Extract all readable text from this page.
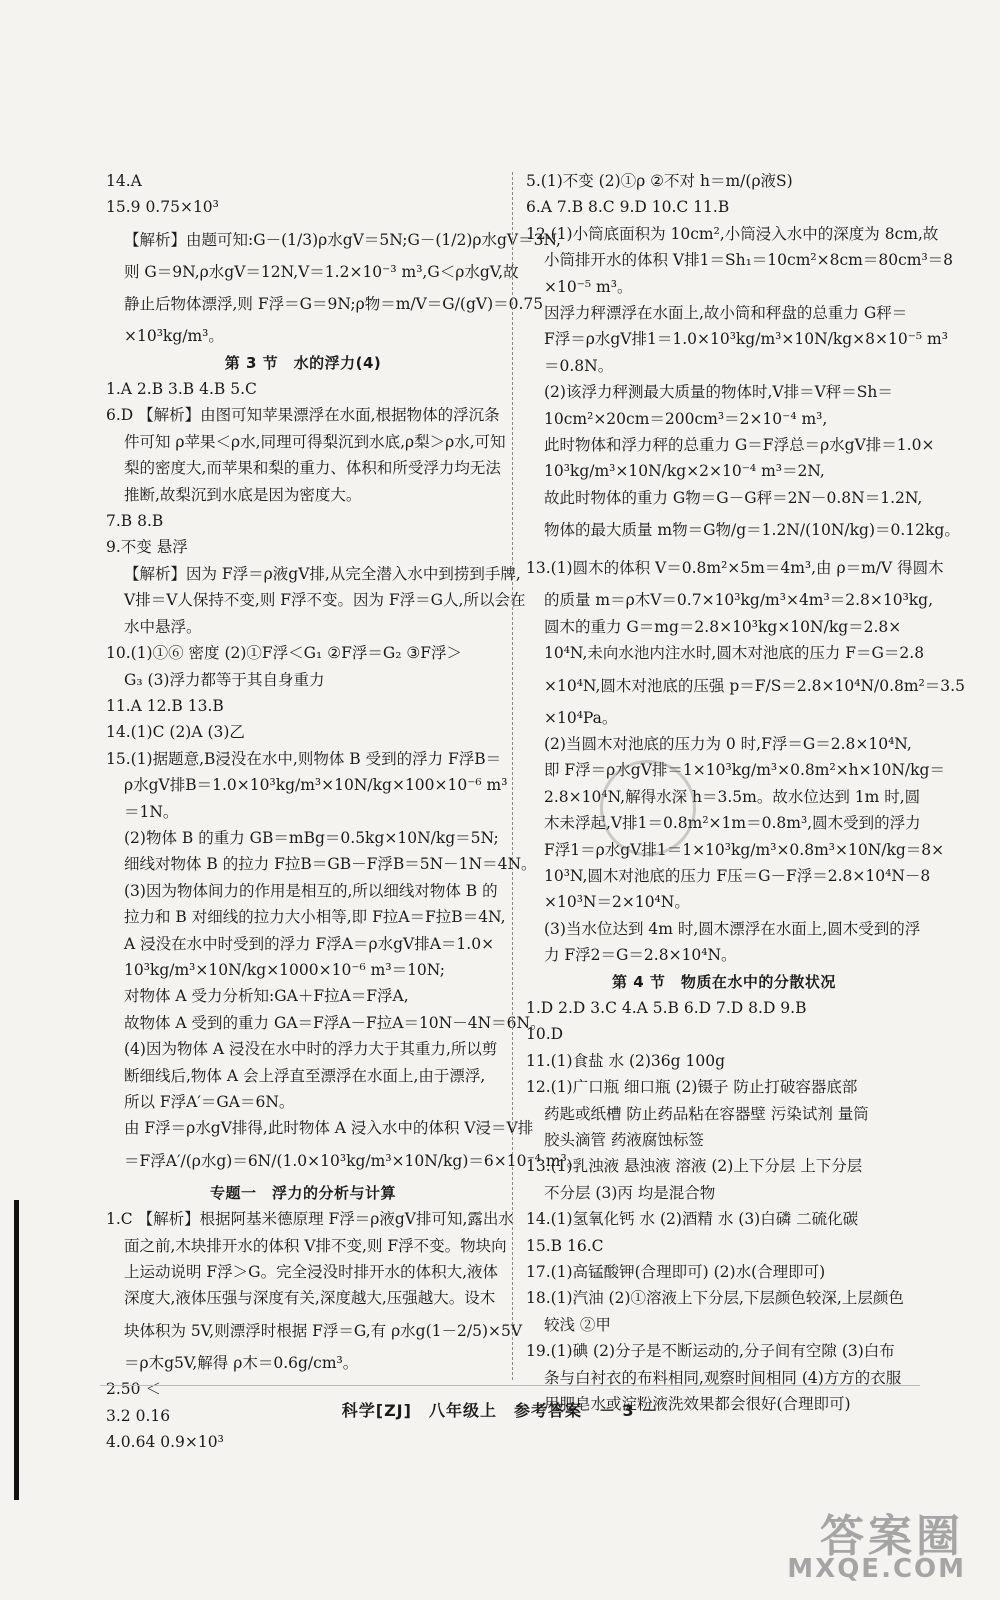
14.A
15.9 0.75×10³
【解析】由题可知:G－(1/3)ρ水gV＝5N;G－(1/2)ρ水gV＝3N,
则 G＝9N,ρ水gV＝12N,V＝1.2×10⁻³ m³,G＜ρ水gV,故
静止后物体漂浮,则 F浮＝G＝9N;ρ物＝m/V＝G/(gV)＝0.75
×10³kg/m³。
第 3 节　水的浮力(4)
1.A 2.B 3.B 4.B 5.C
6.D 【解析】由图可知苹果漂浮在水面,根据物体的浮沉条
件可知 ρ苹果＜ρ水,同理可得梨沉到水底,ρ梨＞ρ水,可知
梨的密度大,而苹果和梨的重力、体积和所受浮力均无法
推断,故梨沉到水底是因为密度大。
7.B 8.B
9.不变 悬浮
【解析】因为 F浮＝ρ液gV排,从完全潜入水中到捞到手牌,
V排＝V人保持不变,则 F浮不变。因为 F浮＝G人,所以会在
水中悬浮。
10.(1)①⑥ 密度 (2)①F浮＜G₁ ②F浮＝G₂ ③F浮＞
G₃ (3)浮力都等于其自身重力
11.A 12.B 13.B
14.(1)C (2)A (3)乙
15.(1)据题意,B浸没在水中,则物体 B 受到的浮力 F浮B＝
ρ水gV排B＝1.0×10³kg/m³×10N/kg×100×10⁻⁶ m³
＝1N。
(2)物体 B 的重力 GB＝mBg＝0.5kg×10N/kg＝5N;
细线对物体 B 的拉力 F拉B＝GB－F浮B＝5N－1N＝4N。
(3)因为物体间力的作用是相互的,所以细线对物体 B 的
拉力和 B 对细线的拉力大小相等,即 F拉A＝F拉B＝4N,
A 浸没在水中时受到的浮力 F浮A＝ρ水gV排A＝1.0×
10³kg/m³×10N/kg×1000×10⁻⁶ m³＝10N;
对物体 A 受力分析知:GA＋F拉A＝F浮A,
故物体 A 受到的重力 GA＝F浮A－F拉A＝10N－4N＝6N。
(4)因为物体 A 浸没在水中时的浮力大于其重力,所以剪
断细线后,物体 A 会上浮直至漂浮在水面上,由于漂浮,
所以 F浮A′＝GA＝6N。
由 F浮＝ρ水gV排得,此时物体 A 浸入水中的体积 V浸＝V排
＝F浮A′/(ρ水g)＝6N/(1.0×10³kg/m³×10N/kg)＝6×10⁻⁴ m³。
专题一　浮力的分析与计算
1.C 【解析】根据阿基米德原理 F浮＝ρ液gV排可知,露出水
面之前,木块排开水的体积 V排不变,则 F浮不变。物块向
上运动说明 F浮＞G。完全浸没时排开水的体积大,液体
深度大,液体压强与深度有关,深度越大,压强越大。设木
块体积为 5V,则漂浮时根据 F浮＝G,有 ρ水g(1－2/5)×5V
＝ρ木g5V,解得 ρ木＝0.6g/cm³。
2.50 ＜
3.2 0.16
4.0.64 0.9×10³
5.(1)不变 (2)①ρ ②不对 h＝m/(ρ液S)
6.A 7.B 8.C 9.D 10.C 11.B
12.(1)小筒底面积为 10cm²,小筒浸入水中的深度为 8cm,故
小筒排开水的体积 V排1＝Sh₁＝10cm²×8cm＝80cm³＝8
×10⁻⁵ m³。
因浮力秤漂浮在水面上,故小筒和秤盘的总重力 G秤＝
F浮＝ρ水gV排1＝1.0×10³kg/m³×10N/kg×8×10⁻⁵ m³
＝0.8N。
(2)该浮力秤测最大质量的物体时,V排＝V秤＝Sh＝
10cm²×20cm＝200cm³＝2×10⁻⁴ m³,
此时物体和浮力秤的总重力 G＝F浮总＝ρ水gV排＝1.0×
10³kg/m³×10N/kg×2×10⁻⁴ m³＝2N,
故此时物体的重力 G物＝G－G秤＝2N－0.8N＝1.2N,
物体的最大质量 m物＝G物/g＝1.2N/(10N/kg)＝0.12kg。
13.(1)圆木的体积 V＝0.8m²×5m＝4m³,由 ρ＝m/V 得圆木
的质量 m＝ρ木V＝0.7×10³kg/m³×4m³＝2.8×10³kg,
圆木的重力 G＝mg＝2.8×10³kg×10N/kg＝2.8×
10⁴N,未向水池内注水时,圆木对池底的压力 F＝G＝2.8
×10⁴N,圆木对池底的压强 p＝F/S＝2.8×10⁴N/0.8m²＝3.5
×10⁴Pa。
(2)当圆木对池底的压力为 0 时,F浮＝G＝2.8×10⁴N,
即 F浮＝ρ水gV排＝1×10³kg/m³×0.8m²×h×10N/kg＝
2.8×10⁴N,解得水深 h＝3.5m。故水位达到 1m 时,圆
木未浮起,V排1＝0.8m²×1m＝0.8m³,圆木受到的浮力
F浮1＝ρ水gV排1＝1×10³kg/m³×0.8m³×10N/kg＝8×
10³N,圆木对池底的压力 F压＝G－F浮＝2.8×10⁴N－8
×10³N＝2×10⁴N。
(3)当水位达到 4m 时,圆木漂浮在水面上,圆木受到的浮
力 F浮2＝G＝2.8×10⁴N。
第 4 节　物质在水中的分散状况
1.D 2.D 3.C 4.A 5.B 6.D 7.D 8.D 9.B
10.D
11.(1)食盐 水 (2)36g 100g
12.(1)广口瓶 细口瓶 (2)镊子 防止打破容器底部
药匙或纸槽 防止药品粘在容器壁 污染试剂 量筒
胶头滴管 药液腐蚀标签
13.(1)乳浊液 悬浊液 溶液 (2)上下分层 上下分层
不分层 (3)丙 均是混合物
14.(1)氢氧化钙 水 (2)酒精 水 (3)白磷 二硫化碳
15.B 16.C
17.(1)高锰酸钾(合理即可) (2)水(合理即可)
18.(1)汽油 (2)①溶液上下分层,下层颜色较深,上层颜色
较浅 ②甲
19.(1)碘 (2)分子是不断运动的,分子间有空隙 (3)白布
条与白衬衣的布料相同,观察时间相同 (4)方方的衣服
用肥皂水或淀粉液洗效果都会很好(合理即可)
科学[ZJ]　八年级上　参考答案　－ 3 －
答案圈
MXQE.COM
